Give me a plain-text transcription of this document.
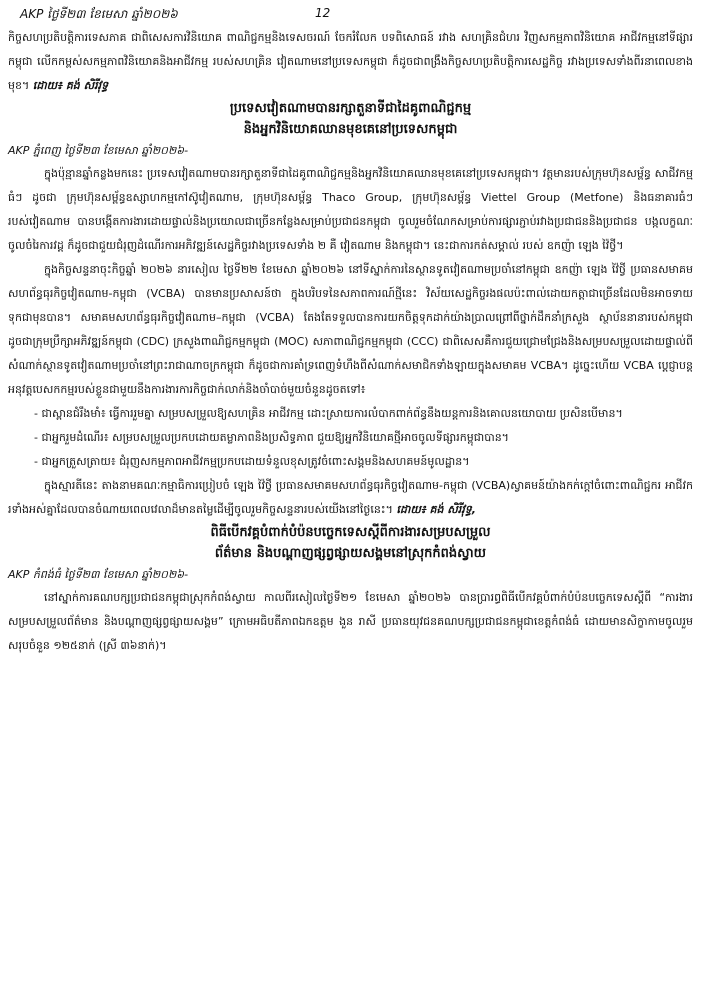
AKP ថ្ងៃទី២៣ ខែមេសា ឆ្នាំ២០២៦	12

កិច្ចសហប្រតិបត្តិការទេសភាគ ជាពិសេសការវិនិយោគ ពាណិជ្ជកម្មនិងទេសចរណ៍ ចែករំលែក បទពិសោធន៍ រវាង សហគ្រិនជំហរ វិញសកម្មភាពវិនិយោគ អាជីវកម្មនៅទីផ្សារកម្ពុជា លើកកម្ពស់សកម្មភាពវិនិយោគនិងអាជីវកម្ម របស់សហគ្រិន វៀតណាមនៅប្រទេសកម្ពុជា ក៏ដូចជាពង្រឹងកិច្ចសហប្រតិបត្តិការសេដ្ឋកិច្ច រវាងប្រទេសទាំងពីរនាពេលខាងមុខ។ ដោយ៖ គង់ សិរីវុទ្ធ

ប្រទេសវៀតណាមបានរក្សាតួនាទីជាដៃគូពាណិជ្ជកម្ម
និងអ្នកវិនិយោគឈានមុខគេនៅប្រទេសកម្ពុជា
AKP ភ្នំពេញ ថ្ងៃទី២៣ ខែមេសា ឆ្នាំ២០២៦-

ក្នុងប៉ុន្មានឆ្នាំកន្លងមកនេះ ប្រទេសវៀតណាមបានរក្សាតួនាទីជាដៃគូពាណិជ្ជកម្មនិងអ្នកវិនិយោគឈានមុខគេនៅប្រទេសកម្ពុជា។ វត្តមានរបស់ក្រុមហ៊ុនសម្ព័ន្ធ សាជីវកម្មធំៗ ដូចជា ក្រុមហ៊ុនសម្ព័ន្ធឧស្សាហកម្មកៅស៊ូវៀតណាម, ក្រុមហ៊ុនសម្ព័ន្ធ Thaco Group, ក្រុមហ៊ុនសម្ព័ន្ធ Viettel Group (Metfone) និងធនាគារធំៗ របស់វៀតណាម បានបង្កើតការងារដោយផ្ទាល់និងប្រយោលជាច្រើនកន្លែងសម្រាប់ប្រជាជនកម្ពុជា ចូលរួមចំណែកសម្រាប់ការផ្សារភ្ជាប់រវាងប្រជាជននិងប្រជាជន បង្កលក្ខណៈ ចូលចំរៃការវដ្ត ក៏ដូចជាជួយជំរុញដំណើរការអភិវឌ្ឍន៍សេដ្ឋកិច្ចរវាងប្រទេសទាំង ២ គឺ វៀតណាម និងកម្ពុជា។ នេះជាការកត់សម្គាល់ របស់ ឧកញ៉ា ឡេង វ៉ៃថ្វី។

ក្នុងកិច្ចសន្ទនាចុះកិច្ចឆ្នាំ ២០២៦ នារសៀល ថ្ងៃទី២២ ខែមេសា ឆ្នាំ២០២៦ នៅទីស្នាក់ការនៃស្ថានទូតវៀតណាមប្រចាំនៅកម្ពុជា ឧកញ៉ា ឡេង វ៉ៃថ្វី ប្រធានសមាគមសហព័ន្ធធុរកិច្ចវៀតណាម-កម្ពុជា (VCBA) បានមានប្រសាសន៍ថា ក្នុងបរិបទនៃសភាពការណ៍ថ្មីនេះ វិស័យសេដ្ឋកិច្ចរងផលប៉ះពាល់ដោយកត្តាជាច្រើនដែលមិនអាចទាយទុកជាមុនបាន។ សមាគមសហព័ន្ធធុរកិច្ចវៀតណាម–កម្ពុជា (VCBA) តែងតែទទួលបានការយកចិត្តទុកដាក់យ៉ាងប្រាលព្រៅពីថ្នាក់ដឹកនាំក្រសួង ស្ថាប័ននានារបស់កម្ពុជា ដូចជាក្រុមប្រឹក្សាអភិវឌ្ឍន៍កម្ពុជា (CDC) ក្រសួងពាណិជ្ជកម្មកម្ពុជា (MOC) សភាពាណិជ្ជកម្មកម្ពុជា (CCC) ជាពិសេសគឺការជួយជ្រោមជ្រែងនិងសម្របសម្រួលដោយផ្ទាល់ពីសំណាក់ស្ថានទូតវៀតណាមប្រចាំនៅព្រះរាជាណាចក្រកម្ពុជា ក៏ដូចជាការគាំទ្រពេញទំហឹងពីសំណាក់សមាជិកទាំងឡាយក្នុងសមាគម VCBA។ ដូច្នេះហើយ VCBA ប្ដេជ្ញាបន្តអនុវត្តបេសកកម្មរបស់ខ្លួនជាមួយនឹងការងារការកិច្ចជាក់លាក់និងចាំបាច់មួយចំនួនដូចតទៅ៖

- ជាស្ពានជំរឹងមាំ៖ ធ្វើការរួមគ្នា សម្របសម្រួលឱ្យសហគ្រិន អាជីវកម្ម ដោះស្រាយការលំបាកពាក់ព័ន្ធនឹងយន្តការនិងគោលនយោបាយ ប្រសិនបើមាន។

- ជាអ្នករួមដំណើរ៖ សម្របសម្រួលប្រកបដោយតម្លាភាពនិងប្រសិទ្ធភាព ជួយឱ្យអ្នកវិនិយោគថ្មីអាចចូលទីផ្សារកម្ពុជាបាន។

- ជាអ្នកត្រួសត្រាយ៖ ជំរុញសកម្មភាពអាជីវកម្មប្រកបដោយទំនួលខុសត្រូវចំពោះសង្គមនិងសហគមន៍មូលដ្ឋាន។

ក្នុងស្មារតីនេះ តាងនាមគណៈកម្មាធិការប្រៀបចំ ឡេង វ៉ៃថ្វី ប្រធានសមាគមសហព័ន្ធធុរកិច្ចវៀតណាម-កម្ពុជា (VCBA)ស្វាគមន៍យ៉ាងកក់ក្ដៅចំពោះពាណិជ្ជករ អាជីវករទាំងអស់គ្នាដែលបានចំណាយពេលវេលាដ៏មានតម្លៃដើម្បីចូលរួមកិច្ចសន្ទនារបស់យើងនៅថ្ងៃនេះ។ ដោយ៖ គង់ សិរីវុទ្ធ,

ពិធីបើកវគ្គបំពាក់បំប៉នបច្ចេកទេសស្ដីពីការងារសម្របសម្រួល
ព័ត៌មាន និងបណ្ដាញផ្សព្វផ្សាយសង្គមនៅស្រុកកំពង់ស្វាយ
AKP កំពង់ធំ ថ្ងៃទី២៣ ខែមេសា ឆ្នាំ២០២៦-

នៅស្នាក់ការគណបក្សប្រជាជនកម្ពុជាស្រុកកំពង់ស្វាយ កាលពីរសៀលថ្ងៃទី២១ ខែមេសា ឆ្នាំ២០២៦ បានប្រារព្ធពិធីបើកវគ្គបំពាក់បំប៉នបច្ចេកទេសស្ដីពី “ការងារសម្របសម្រួលព័ត៌មាន និងបណ្ដាញផ្សព្វផ្សាយសង្គម” ក្រោមអធិបតីភាពឯកឧត្តម ងួន រាសី ប្រធានយុវជនគណបក្សប្រជាជនកម្ពុជាខេត្តកំពង់ធំ ដោយមានសិក្ខាកាមចូលរួមសរុបចំនួន ១២៥នាក់ (ស្រី ៣៦នាក់)។
